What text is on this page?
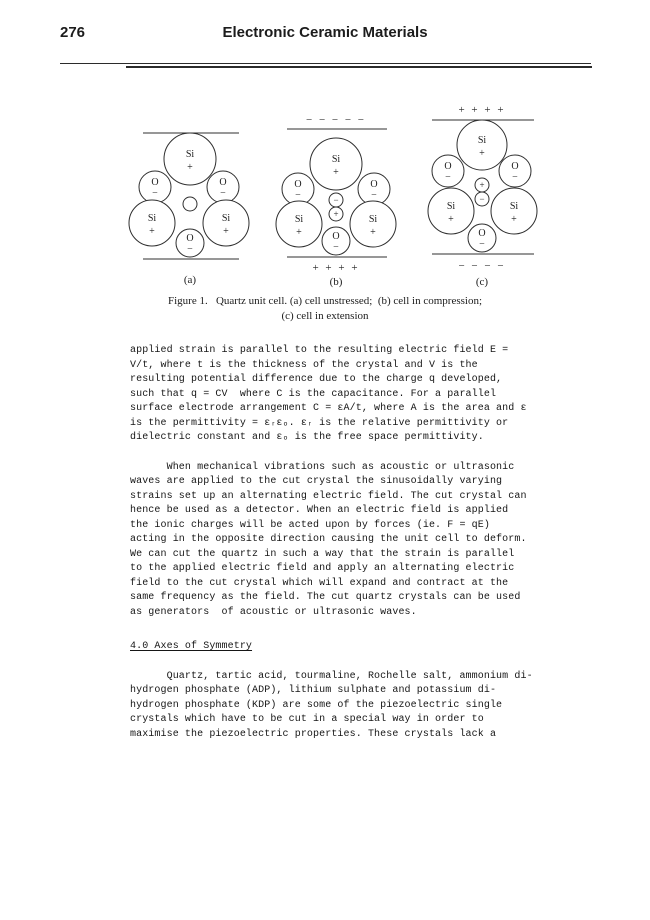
276	Electronic Ceramic Materials
Si
+
O
−
O
−
Si
+
Si
+
O
−
(a)
− − − − −
Si
+
O
−
O
−
−
+
Si
+
Si
+
O
−
+ + + +
(b)
+ + + +
Si
+
O
−
O
−
+
−
Si
+
Si
+
O
−
− − − −
(c)
Figure 1.   Quartz unit cell. (a) cell unstressed;  (b) cell in compression;
(c) cell in extension
applied strain is parallel to the resulting electric field E =
V/t, where t is the thickness of the crystal and V is the
resulting potential difference due to the charge q developed,
such that q = CV  where C is the capacitance. For a parallel
surface electrode arrangement C = εA/t, where A is the area and ε
is the permittivity = εᵣεₒ. εᵣ is the relative permittivity or
dielectric constant and εₒ is the free space permittivity.
When mechanical vibrations such as acoustic or ultrasonic
waves are applied to the cut crystal the sinusoidally varying
strains set up an alternating electric field. The cut crystal can
hence be used as a detector. When an electric field is applied
the ionic charges will be acted upon by forces (ie. F = qE)
acting in the opposite direction causing the unit cell to deform.
We can cut the quartz in such a way that the strain is parallel
to the applied electric field and apply an alternating electric
field to the cut crystal which will expand and contract at the
same frequency as the field. The cut quartz crystals can be used
as generators  of acoustic or ultrasonic waves.
4.0 Axes of Symmetry
Quartz, tartic acid, tourmaline, Rochelle salt, ammonium di-
hydrogen phosphate (ADP), lithium sulphate and potassium di-
hydrogen phosphate (KDP) are some of the piezoelectric single
crystals which have to be cut in a special way in order to
maximise the piezoelectric properties. These crystals lack a
